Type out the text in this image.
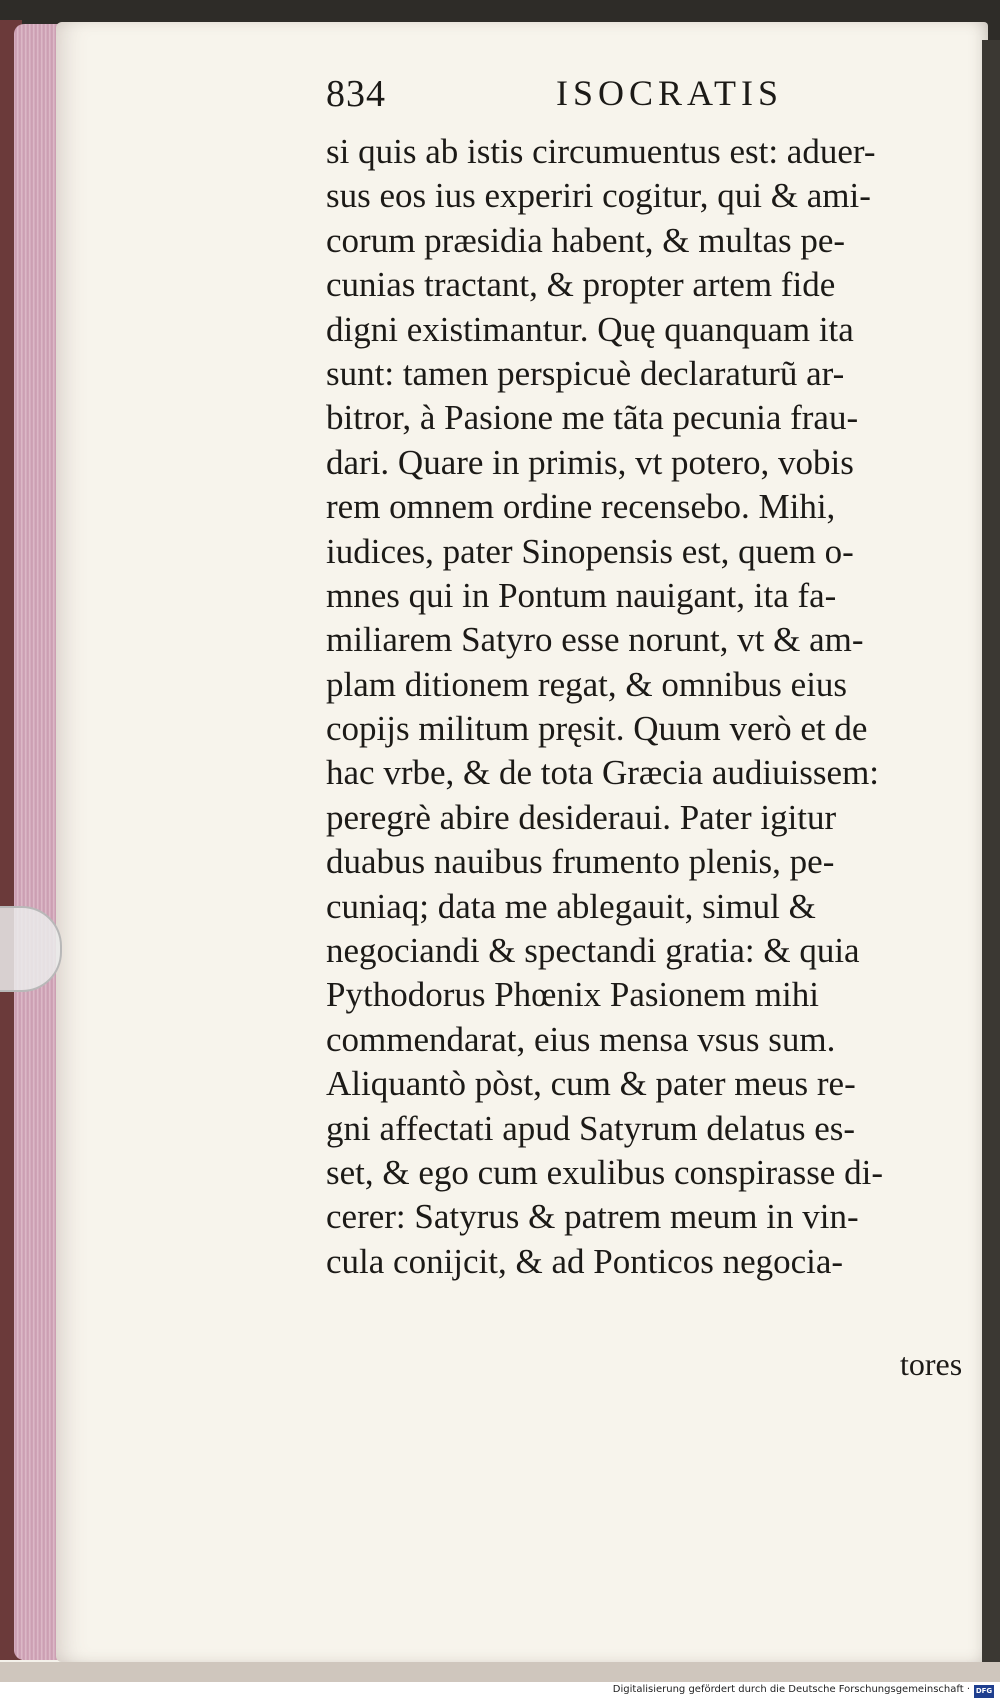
834	ISOCRATIS
si quis ab istis circumuentus est: aduer-
sus eos ius experiri cogitur, qui & ami-
corum præsidia habent, & multas pe-
cunias tractant, & propter artem fide
digni existimantur. Quę quanquam ita
sunt: tamen perspicuè declaraturũ ar-
bitror, à Pasione me tãta pecunia frau-
dari. Quare in primis, vt potero, vobis
rem omnem ordine recensebo. Mihi,
iudices, pater Sinopensis est, quem o-
mnes qui in Pontum nauigant, ita fa-
miliarem Satyro esse norunt, vt & am-
plam ditionem regat, & omnibus eius
copijs militum pręsit. Quum verò et de
hac vrbe, & de tota Græcia audiuissem:
peregrè abire desideraui. Pater igitur
duabus nauibus frumento plenis, pe-
cuniaq; data me ablegauit, simul &
negociandi & spectandi gratia: & quia
Pythodorus Phœnix Pasionem mihi
commendarat, eius mensa vsus sum.
Aliquantò pòst, cum & pater meus re-
gni affectati apud Satyrum delatus es-
set, & ego cum exulibus conspirasse di-
cerer: Satyrus & patrem meum in vin-
cula conijcit, & ad Ponticos negocia-
tores
Digitalisierung gefördert durch die Deutsche Forschungsgemeinschaft · DFG
